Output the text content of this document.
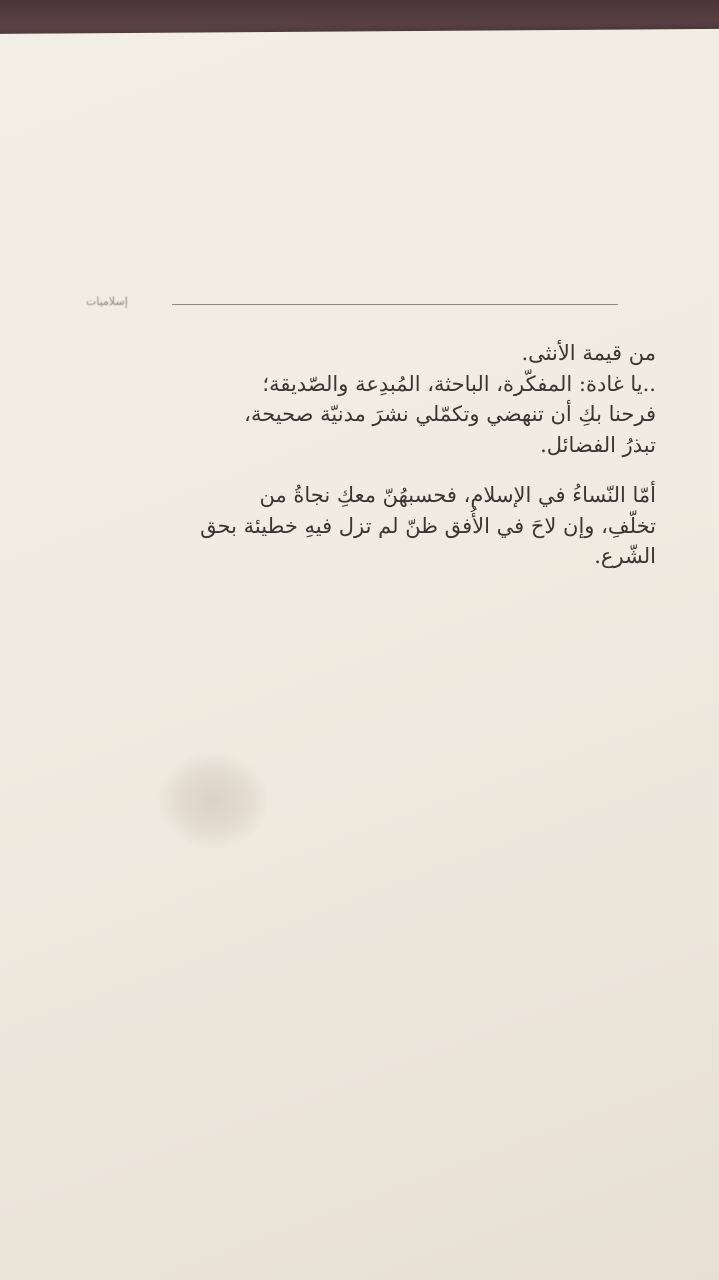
إسلاميات
من قيمة الأنثى.
..يا غادة: المفكّرة، الباحثة، المُبدِعة والصّديقة؛
فرحنا بكِ أن تنهضي وتكمّلي نشرَ مدنيّة صحيحة،
تبذرُ الفضائل.
أمّا النّساءُ في الإسلام، فحسبهُنّ معكِ نجاةُ من
تخلّفِ، وإن لاحَ في الأُفق ظنّ لم تزل فيهِ خطيئة بحق
الشّرع.
